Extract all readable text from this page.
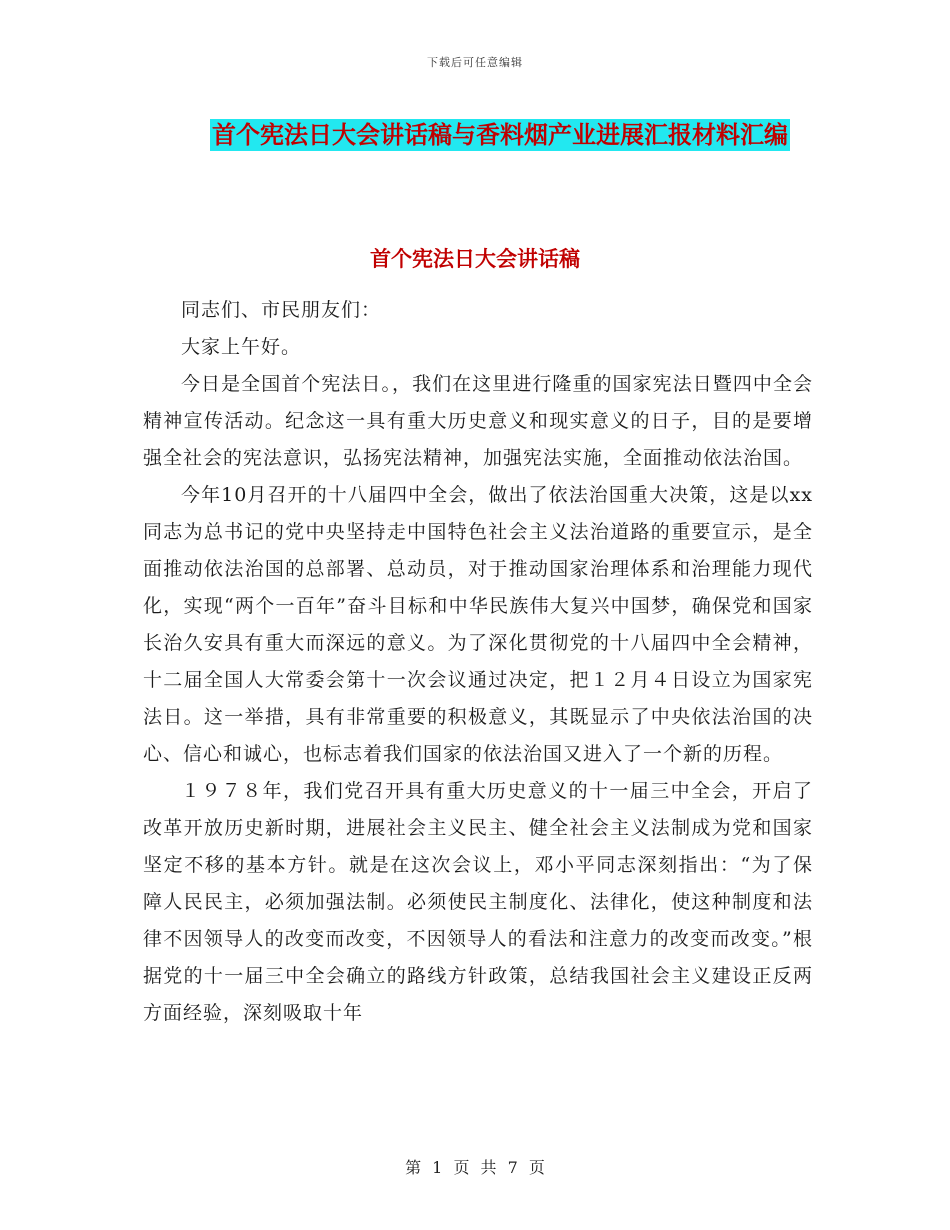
下载后可任意编辑
首个宪法日大会讲话稿与香料烟产业进展汇报材料汇编
首个宪法日大会讲话稿

同志们、市民朋友们：

大家上午好。

今日是全国首个宪法日。，我们在这里进行隆重的国家宪法日暨四中全会精神宣传活动。纪念这一具有重大历史意义和现实意义的日子，目的是要增强全社会的宪法意识，弘扬宪法精神，加强宪法实施，全面推动依法治国。

今年10月召开的十八届四中全会，做出了依法治国重大决策，这是以xx同志为总书记的党中央坚持走中国特色社会主义法治道路的重要宣示，是全面推动依法治国的总部署、总动员，对于推动国家治理体系和治理能力现代化，实现“两个一百年”奋斗目标和中华民族伟大复兴中国梦，确保党和国家长治久安具有重大而深远的意义。为了深化贯彻党的十八届四中全会精神，十二届全国人大常委会第十一次会议通过决定，把１２月４日设立为国家宪法日。这一举措，具有非常重要的积极意义，其既显示了中央依法治国的决心、信心和诚心，也标志着我们国家的依法治国又进入了一个新的历程。

１９７８年，我们党召开具有重大历史意义的十一届三中全会，开启了改革开放历史新时期，进展社会主义民主、健全社会主义法制成为党和国家坚定不移的基本方针。就是在这次会议上，邓小平同志深刻指出：“为了保障人民民主，必须加强法制。必须使民主制度化、法律化，使这种制度和法律不因领导人的改变而改变，不因领导人的看法和注意力的改变而改变。”根据党的十一届三中全会确立的路线方针政策，总结我国社会主义建设正反两方面经验，深刻吸取十年

第 1 页 共 7 页
